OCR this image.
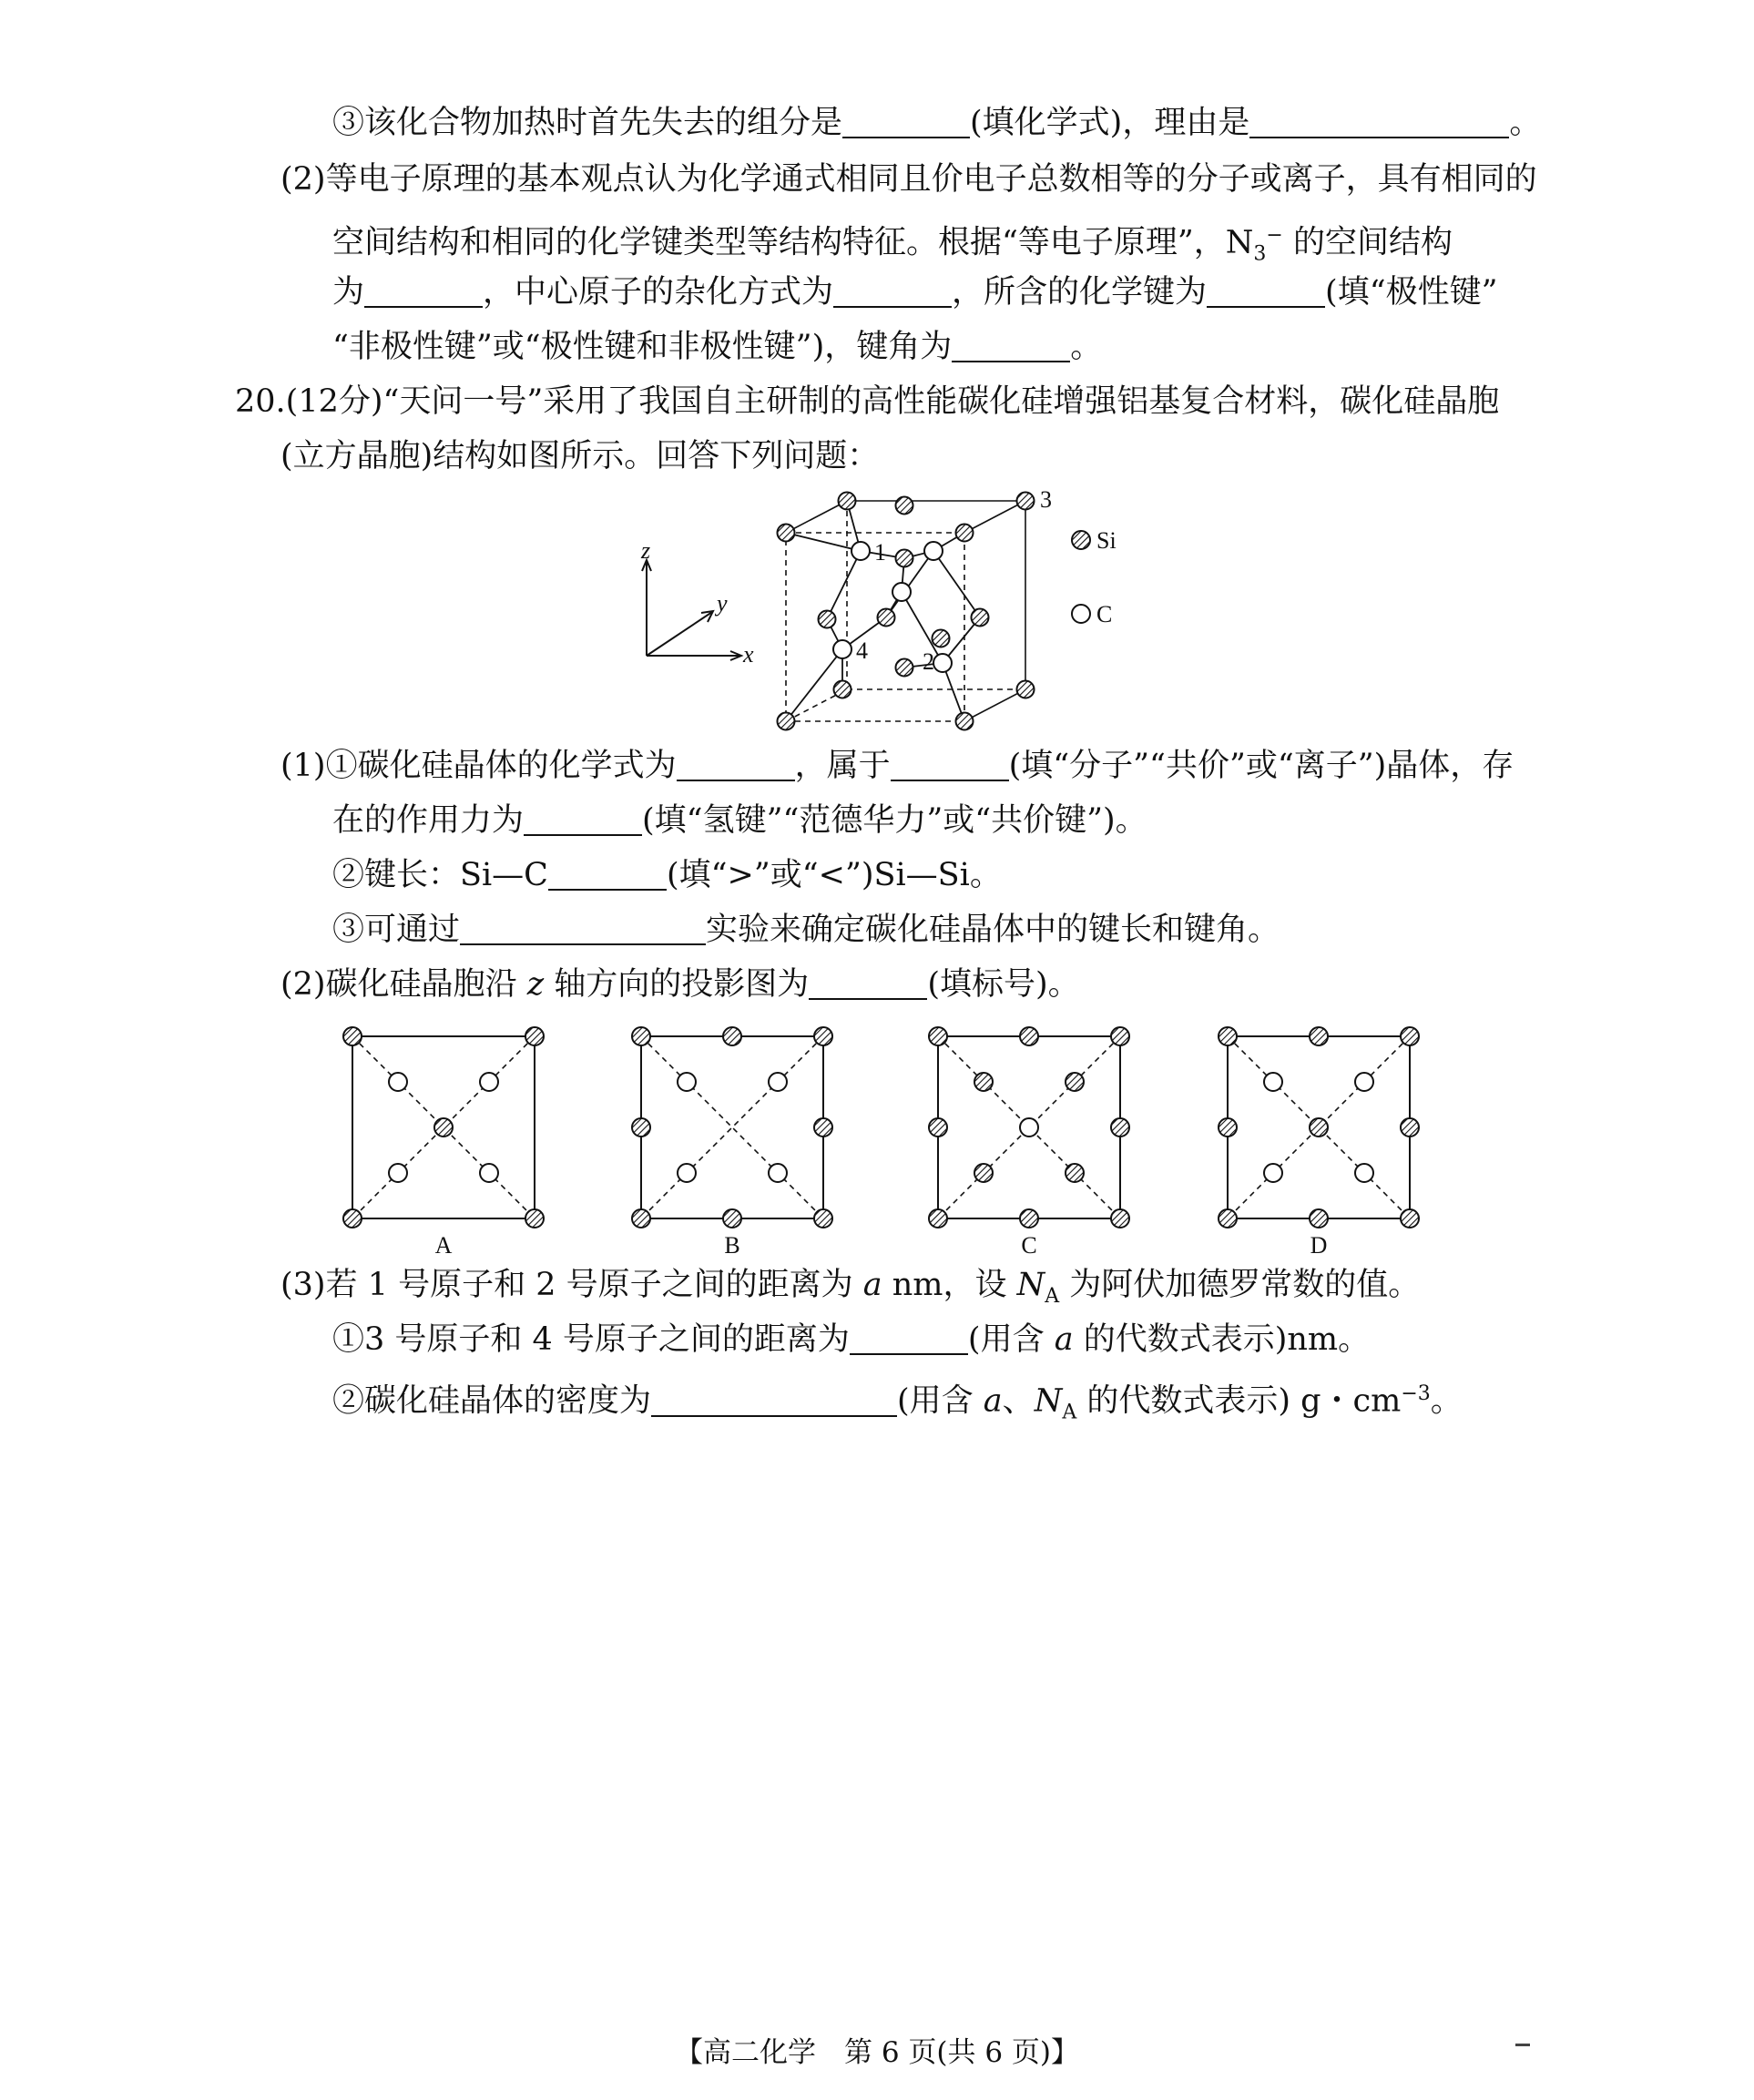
③该化合物加热时首先失去的组分是	(填化学式)，理由是	。
(2)等电子原理的基本观点认为化学通式相同且价电子总数相等的分子或离子，具有相同的
空间结构和相同的化学键类型等结构特征。根据“等电子原理”，$N_3^-$ 的空间结构
为	，中心原子的杂化方式为	，所含的化学键为	(填“极性键”
“非极性键”或“极性键和非极性键”)，键角为	。
20.(12分)“天问一号”采用了我国自主研制的高性能碳化硅增强铝基复合材料，碳化硅晶胞
(立方晶胞)结构如图所示。回答下列问题：
z
y
x
1
2
3
4
Si
C
(1)①碳化硅晶体的化学式为	，属于	(填“分子”“共价”或“离子”)晶体，存
在的作用力为	(填“氢键”“范德华力”或“共价键”)。
②键长：Si—C	(填“>”或“<”)Si—Si。
③可通过	实验来确定碳化硅晶体中的键长和键角。
(2)碳化硅晶胞沿 z 轴方向的投影图为	(填标号)。
A	B	C	D
(3)若 1 号原子和 2 号原子之间的距离为 a nm，设 $N_A$ 为阿伏加德罗常数的值。
①3 号原子和 4 号原子之间的距离为	(用含 a 的代数式表示)nm。
②碳化硅晶体的密度为	(用含 a、$N_A$ 的代数式表示) g・$cm^{-3}$。
【高二化学　第 6 页(共 6 页)】
